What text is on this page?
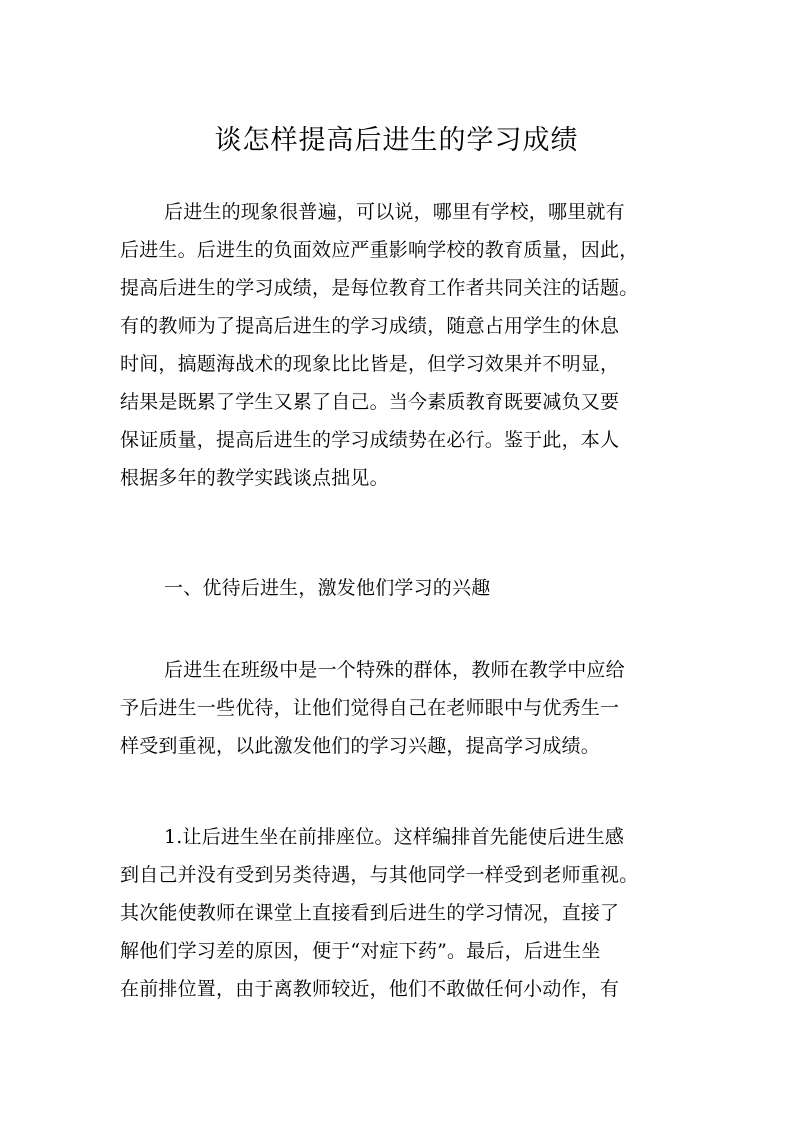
谈怎样提高后进生的学习成绩
后进生的现象很普遍，可以说，哪里有学校，哪里就有
后进生。后进生的负面效应严重影响学校的教育质量，因此，
提高后进生的学习成绩，是每位教育工作者共同关注的话题。
有的教师为了提高后进生的学习成绩，随意占用学生的休息
时间，搞题海战术的现象比比皆是，但学习效果并不明显，
结果是既累了学生又累了自己。当今素质教育既要减负又要
保证质量，提高后进生的学习成绩势在必行。鉴于此，本人
根据多年的教学实践谈点拙见。
一、优待后进生，激发他们学习的兴趣
后进生在班级中是一个特殊的群体，教师在教学中应给
予后进生一些优待，让他们觉得自己在老师眼中与优秀生一
样受到重视，以此激发他们的学习兴趣，提高学习成绩。
1.让后进生坐在前排座位。这样编排首先能使后进生感
到自己并没有受到另类待遇，与其他同学一样受到老师重视。
其次能使教师在课堂上直接看到后进生的学习情况，直接了
解他们学习差的原因，便于“对症下药”。最后，后进生坐
在前排位置，由于离教师较近，他们不敢做任何小动作，有
